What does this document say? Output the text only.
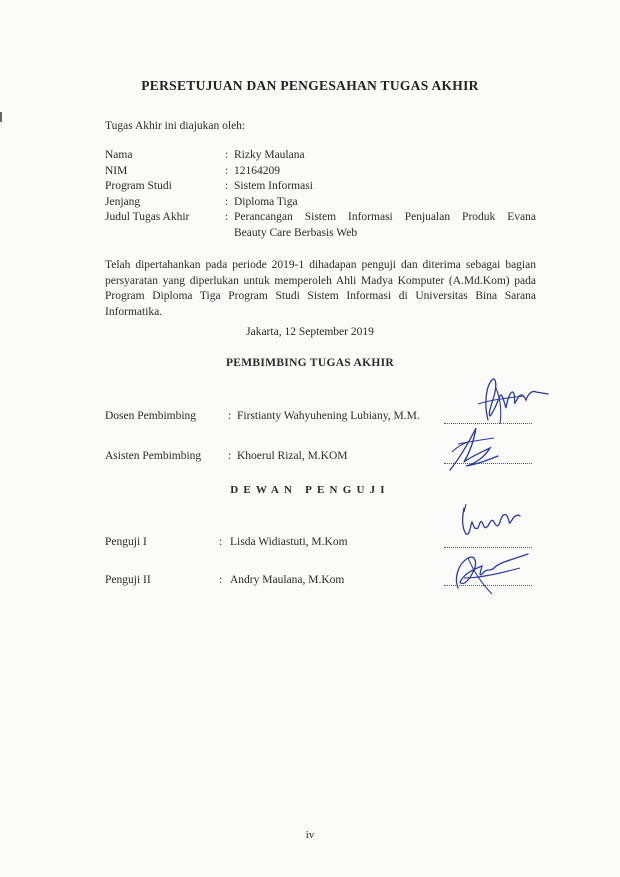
PERSETUJUAN DAN PENGESAHAN TUGAS AKHIR
Tugas Akhir ini diajukan oleh:
Nama	: Rizky Maulana
NIM	: 12164209
Program Studi	: Sistem Informasi
Jenjang	: Diploma Tiga
Judul Tugas Akhir	: Perancangan Sistem Informasi Penjualan Produk Evana
Beauty Care Berbasis Web
Telah dipertahankan pada periode 2019-1 dihadapan penguji dan diterima sebagai bagian persyaratan yang diperlukan untuk memperoleh Ahli Madya Komputer (A.Md.Kom) pada Program Diploma Tiga Program Studi Sistem Informasi di Universitas Bina Sarana Informatika.
Jakarta, 12 September 2019
PEMBIMBING TUGAS AKHIR
Dosen Pembimbing	: Firstianty Wahyuhening Lubiany, M.M.
Asisten Pembimbing : Khoerul Rizal, M.KOM
DEWAN PENGUJI
Penguji I	: Lisda Widiastuti, M.Kom
Penguji II	: Andry Maulana, M.Kom
iv
